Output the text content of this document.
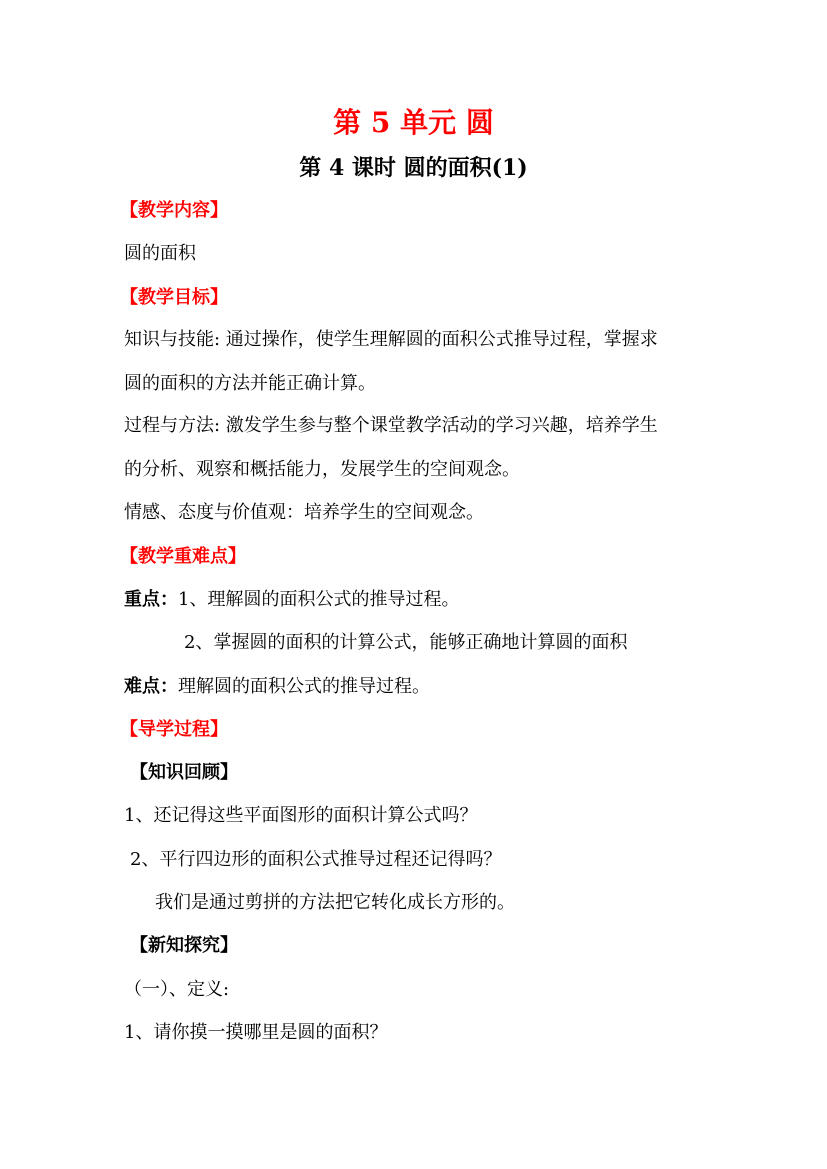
第 5 单元 圆
第 4 课时 圆的面积(1)
【教学内容】
圆的面积
【教学目标】
知识与技能: 通过操作，使学生理解圆的面积公式推导过程，掌握求
圆的面积的方法并能正确计算。
过程与方法: 激发学生参与整个课堂教学活动的学习兴趣，培养学生
的分析、观察和概括能力，发展学生的空间观念。
情感、态度与价值观：培养学生的空间观念。
【教学重难点】
重点：1、理解圆的面积公式的推导过程。
2、掌握圆的面积的计算公式，能够正确地计算圆的面积
难点：理解圆的面积公式的推导过程。
【导学过程】
【知识回顾】
1、还记得这些平面图形的面积计算公式吗？
2、平行四边形的面积公式推导过程还记得吗？
我们是通过剪拼的方法把它转化成长方形的。
【新知探究】
（一）、定义:
1、请你摸一摸哪里是圆的面积？
